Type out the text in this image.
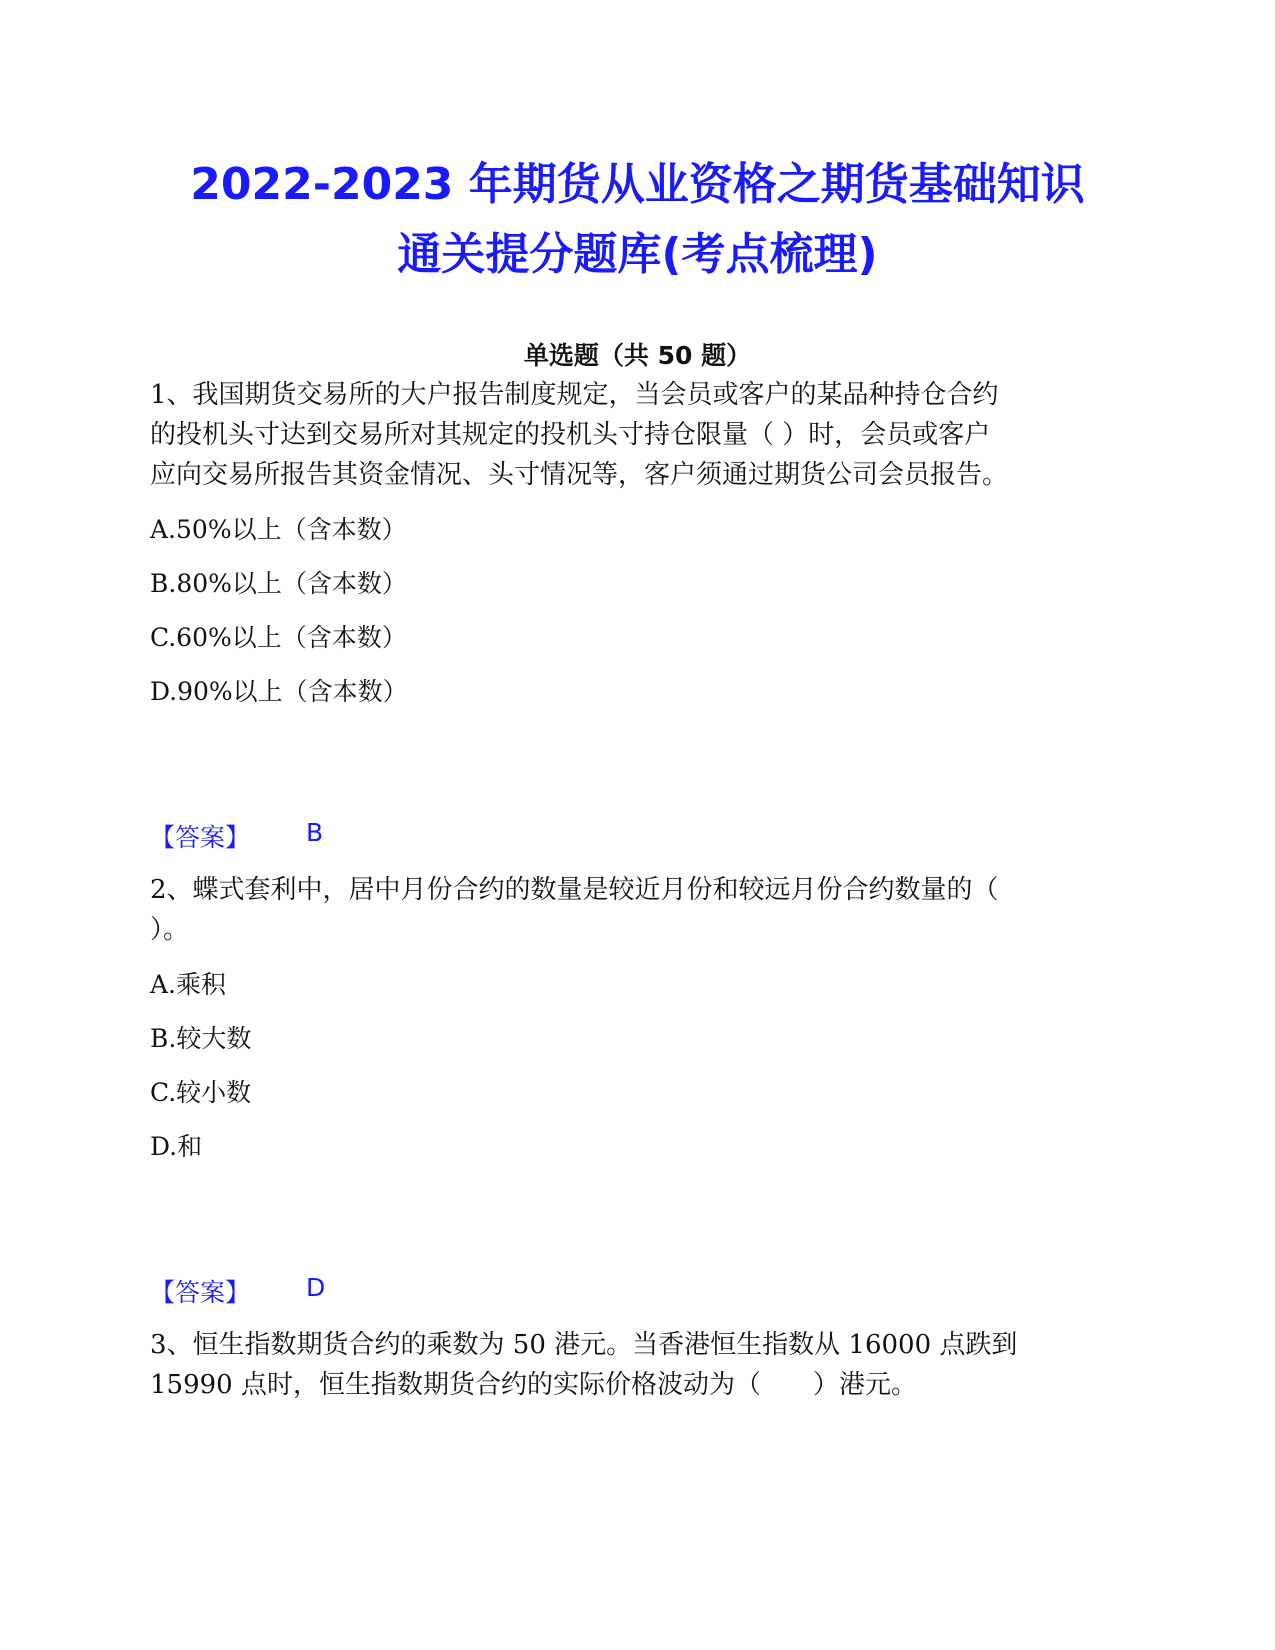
2022-2023 年期货从业资格之期货基础知识
通关提分题库(考点梳理)
单选题（共 50 题）
1、我国期货交易所的大户报告制度规定，当会员或客户的某品种持仓合约
的投机头寸达到交易所对其规定的投机头寸持仓限量（ ）时，会员或客户
应向交易所报告其资金情况、头寸情况等，客户须通过期货公司会员报告。
A.50%以上（含本数）
B.80%以上（含本数）
C.60%以上（含本数）
D.90%以上（含本数）
【答案】 B
2、蝶式套利中，居中月份合约的数量是较近月份和较远月份合约数量的（
）。
A.乘积
B.较大数
C.较小数
D.和
【答案】 D
3、恒生指数期货合约的乘数为 50 港元。当香港恒生指数从 16000 点跌到
15990 点时，恒生指数期货合约的实际价格波动为（　　）港元。
